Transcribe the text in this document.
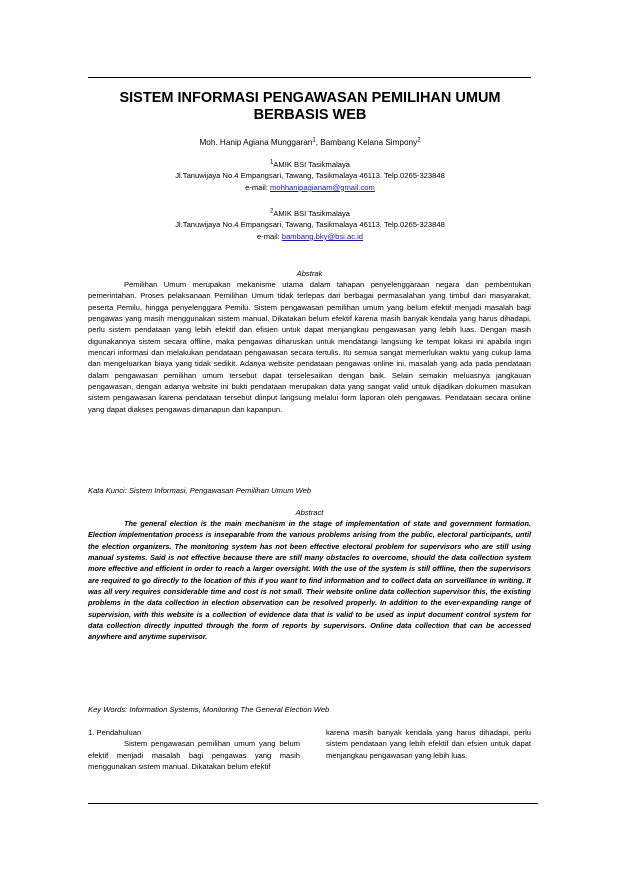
SISTEM INFORMASI PENGAWASAN PEMILIHAN UMUM
BERBASIS WEB

Moh. Hanip Agiana Munggaran$^1$, Bambang Kelana Simpony$^2$

$^1$AMIK BSI Tasikmalaya

Jl.Tanuwijaya No.4 Empangsari, Tawang, Tasikmalaya 46113. Telp.0265-323848

e-mail: mohhanipagianam@gmail.com

$^2$AMIK BSI Tasikmalaya

Jl.Tanuwijaya No.4 Empangsari, Tawang, Tasikmalaya 46113. Telp.0265-323848

e-mail: bambang.bky@bsi.ac.id

Abstrak

Pemilihan Umum merupakan mekanisme utama dalam tahapan penyelenggaraan negara dan pembentukan pemerintahan. Proses pelaksanaan Pemilihan Umum tidak terlepas dari berbagai permasalahan yang timbul dari masyarakat, peserta Pemilu, hingga penyelenggara Pemilu. Sistem pengawasan pemilihan umum yang belum efektif menjadi masalah bagi pengawas yang masih menggunakan sistem manual. Dikatakan belum efektif karena masih banyak kendala yang harus dihadapi, perlu sistem pendataan yang lebih efektif dan efisien untuk dapat menjangkau pengawasan yang lebih luas. Dengan masih digunakannya sistem secara offline, maka pengawas diharuskan untuk mendatangi langsung ke tempat lokasi ini apabila ingin mencari informasi dan melakukan pendataan pengawasan secara tertulis. Itu semua sangat memerlukan waktu yang cukup lama dan mengeluarkan biaya yang tidak sedikit. Adanya website pendataan pengawas online ini, masalah yang ada pada pendataan dalam pengawasan pemilihan umum tersebut dapat terselesaikan dengan baik. Selain semakin meluasnya jangkauan pengawasan, dengan adanya website ini bukti pendataan merupakan data yang sangat valid untuk dijadikan dokumen masukan sistem pengawasan karena pendataan tersebut diinput langsung melalui form laporan oleh pengawas. Pendataan secara online yang dapat diakses pengawas dimanapun dan kapanpun.

Kata Kunci: Sistem Informasi, Pengawasan Pemilihan Umum Web

Abstract

The general election is the main mechanism in the stage of implementation of state and government formation. Election implementation process is inseparable from the various problems arising from the public, electoral participants, until the election organizers. The monitoring system has not been effective electoral problem for supervisors who are still using manual systems. Said is not effective because there are still many obstacles to overcome, should the data collection system more effective and efficient in order to reach a larger oversight. With the use of the system is still offline, then the supervisors are required to go directly to the location of this if you want to find information and to collect data on surveillance in writing. It was all very requires considerable time and cost is not small. Their website online data collection supervisor this, the existing problems in the data collection in election observation can be resolved properly. In addition to the ever-expanding range of supervision, with this website is a collection of evidence data that is valid to be used as input document control system for data collection directly inputted through the form of reports by supervisors. Online data collection that can be accessed anywhere and anytime supervisor.

Key Words: Information Systems, Monitoring The General Election Web

1. Pendahuluan

Sistem pengawasan pemilihan umum yang belum efektif menjadi masalah bagi pengawas yang masih menggunakan sistem manual. Dikatakan belum efektif

karena masih banyak kendala yang harus dihadapi, perlu sistem pendataan yang lebih efektif dan efsien untuk dapat menjangkau pengawasan yang lebih luas.
